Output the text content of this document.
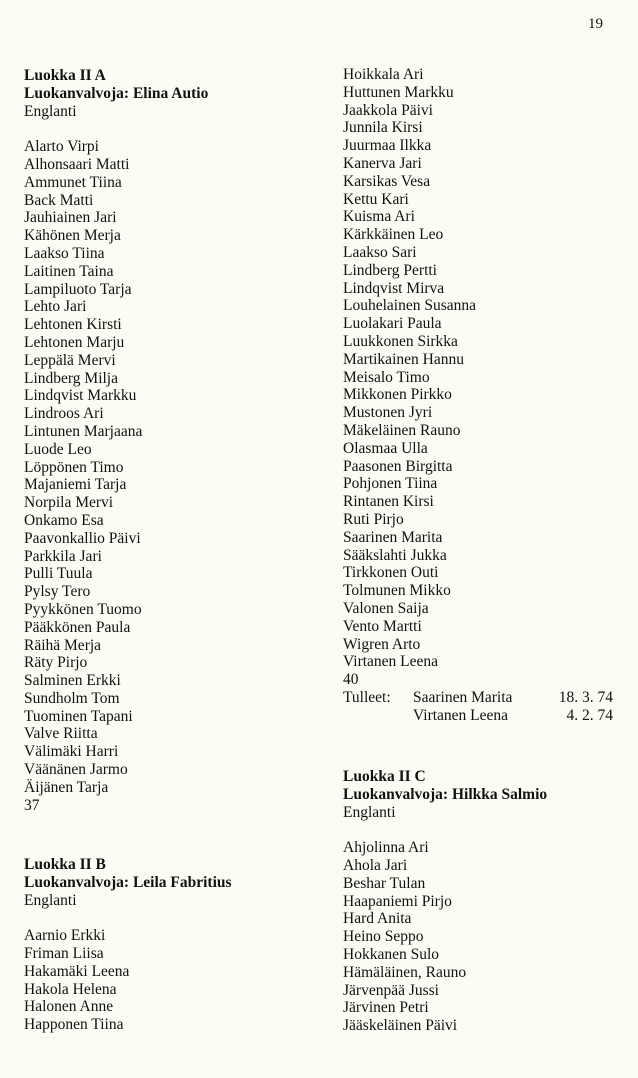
19
Luokka II A
Luokanvalvoja: Elina Autio
Englanti
Alarto Virpi
Alhonsaari Matti
Ammunet Tiina
Back Matti
Jauhiainen Jari
Kähönen Merja
Laakso Tiina
Laitinen Taina
Lampiluoto Tarja
Lehto Jari
Lehtonen Kirsti
Lehtonen Marju
Leppälä Mervi
Lindberg Milja
Lindqvist Markku
Lindroos Ari
Lintunen Marjaana
Luode Leo
Löppönen Timo
Majaniemi Tarja
Norpila Mervi
Onkamo Esa
Paavonkallio Päivi
Parkkila Jari
Pulli Tuula
Pylsy Tero
Pyykkönen Tuomo
Pääkkönen Paula
Räihä Merja
Räty Pirjo
Salminen Erkki
Sundholm Tom
Tuominen Tapani
Valve Riitta
Välimäki Harri
Väänänen Jarmo
Äijänen Tarja
37
Luokka II B
Luokanvalvoja: Leila Fabritius
Englanti
Aarnio Erkki
Friman Liisa
Hakamäki Leena
Hakola Helena
Halonen Anne
Happonen Tiina
Hoikkala Ari
Huttunen Markku
Jaakkola Päivi
Junnila Kirsi
Juurmaa Ilkka
Kanerva Jari
Karsikas Vesa
Kettu Kari
Kuisma Ari
Kärkkäinen Leo
Laakso Sari
Lindberg Pertti
Lindqvist Mirva
Louhelainen Susanna
Luolakari Paula
Luukkonen Sirkka
Martikainen Hannu
Meisalo Timo
Mikkonen Pirkko
Mustonen Jyri
Mäkeläinen Rauno
Olasmaa Ulla
Paasonen Birgitta
Pohjonen Tiina
Rintanen Kirsi
Ruti Pirjo
Saarinen Marita
Sääkslahti Jukka
Tirkkonen Outi
Tolmunen Mikko
Valonen Saija
Vento Martti
Wigren Arto
Virtanen Leena
40
Tulleet:	Saarinen Marita	18. 3. 74
Virtanen Leena	4. 2. 74
Luokka II C
Luokanvalvoja: Hilkka Salmio
Englanti
Ahjolinna Ari
Ahola Jari
Beshar Tulan
Haapaniemi Pirjo
Hard Anita
Heino Seppo
Hokkanen Sulo
Hämäläinen, Rauno
Järvenpää Jussi
Järvinen Petri
Jääskeläinen Päivi
